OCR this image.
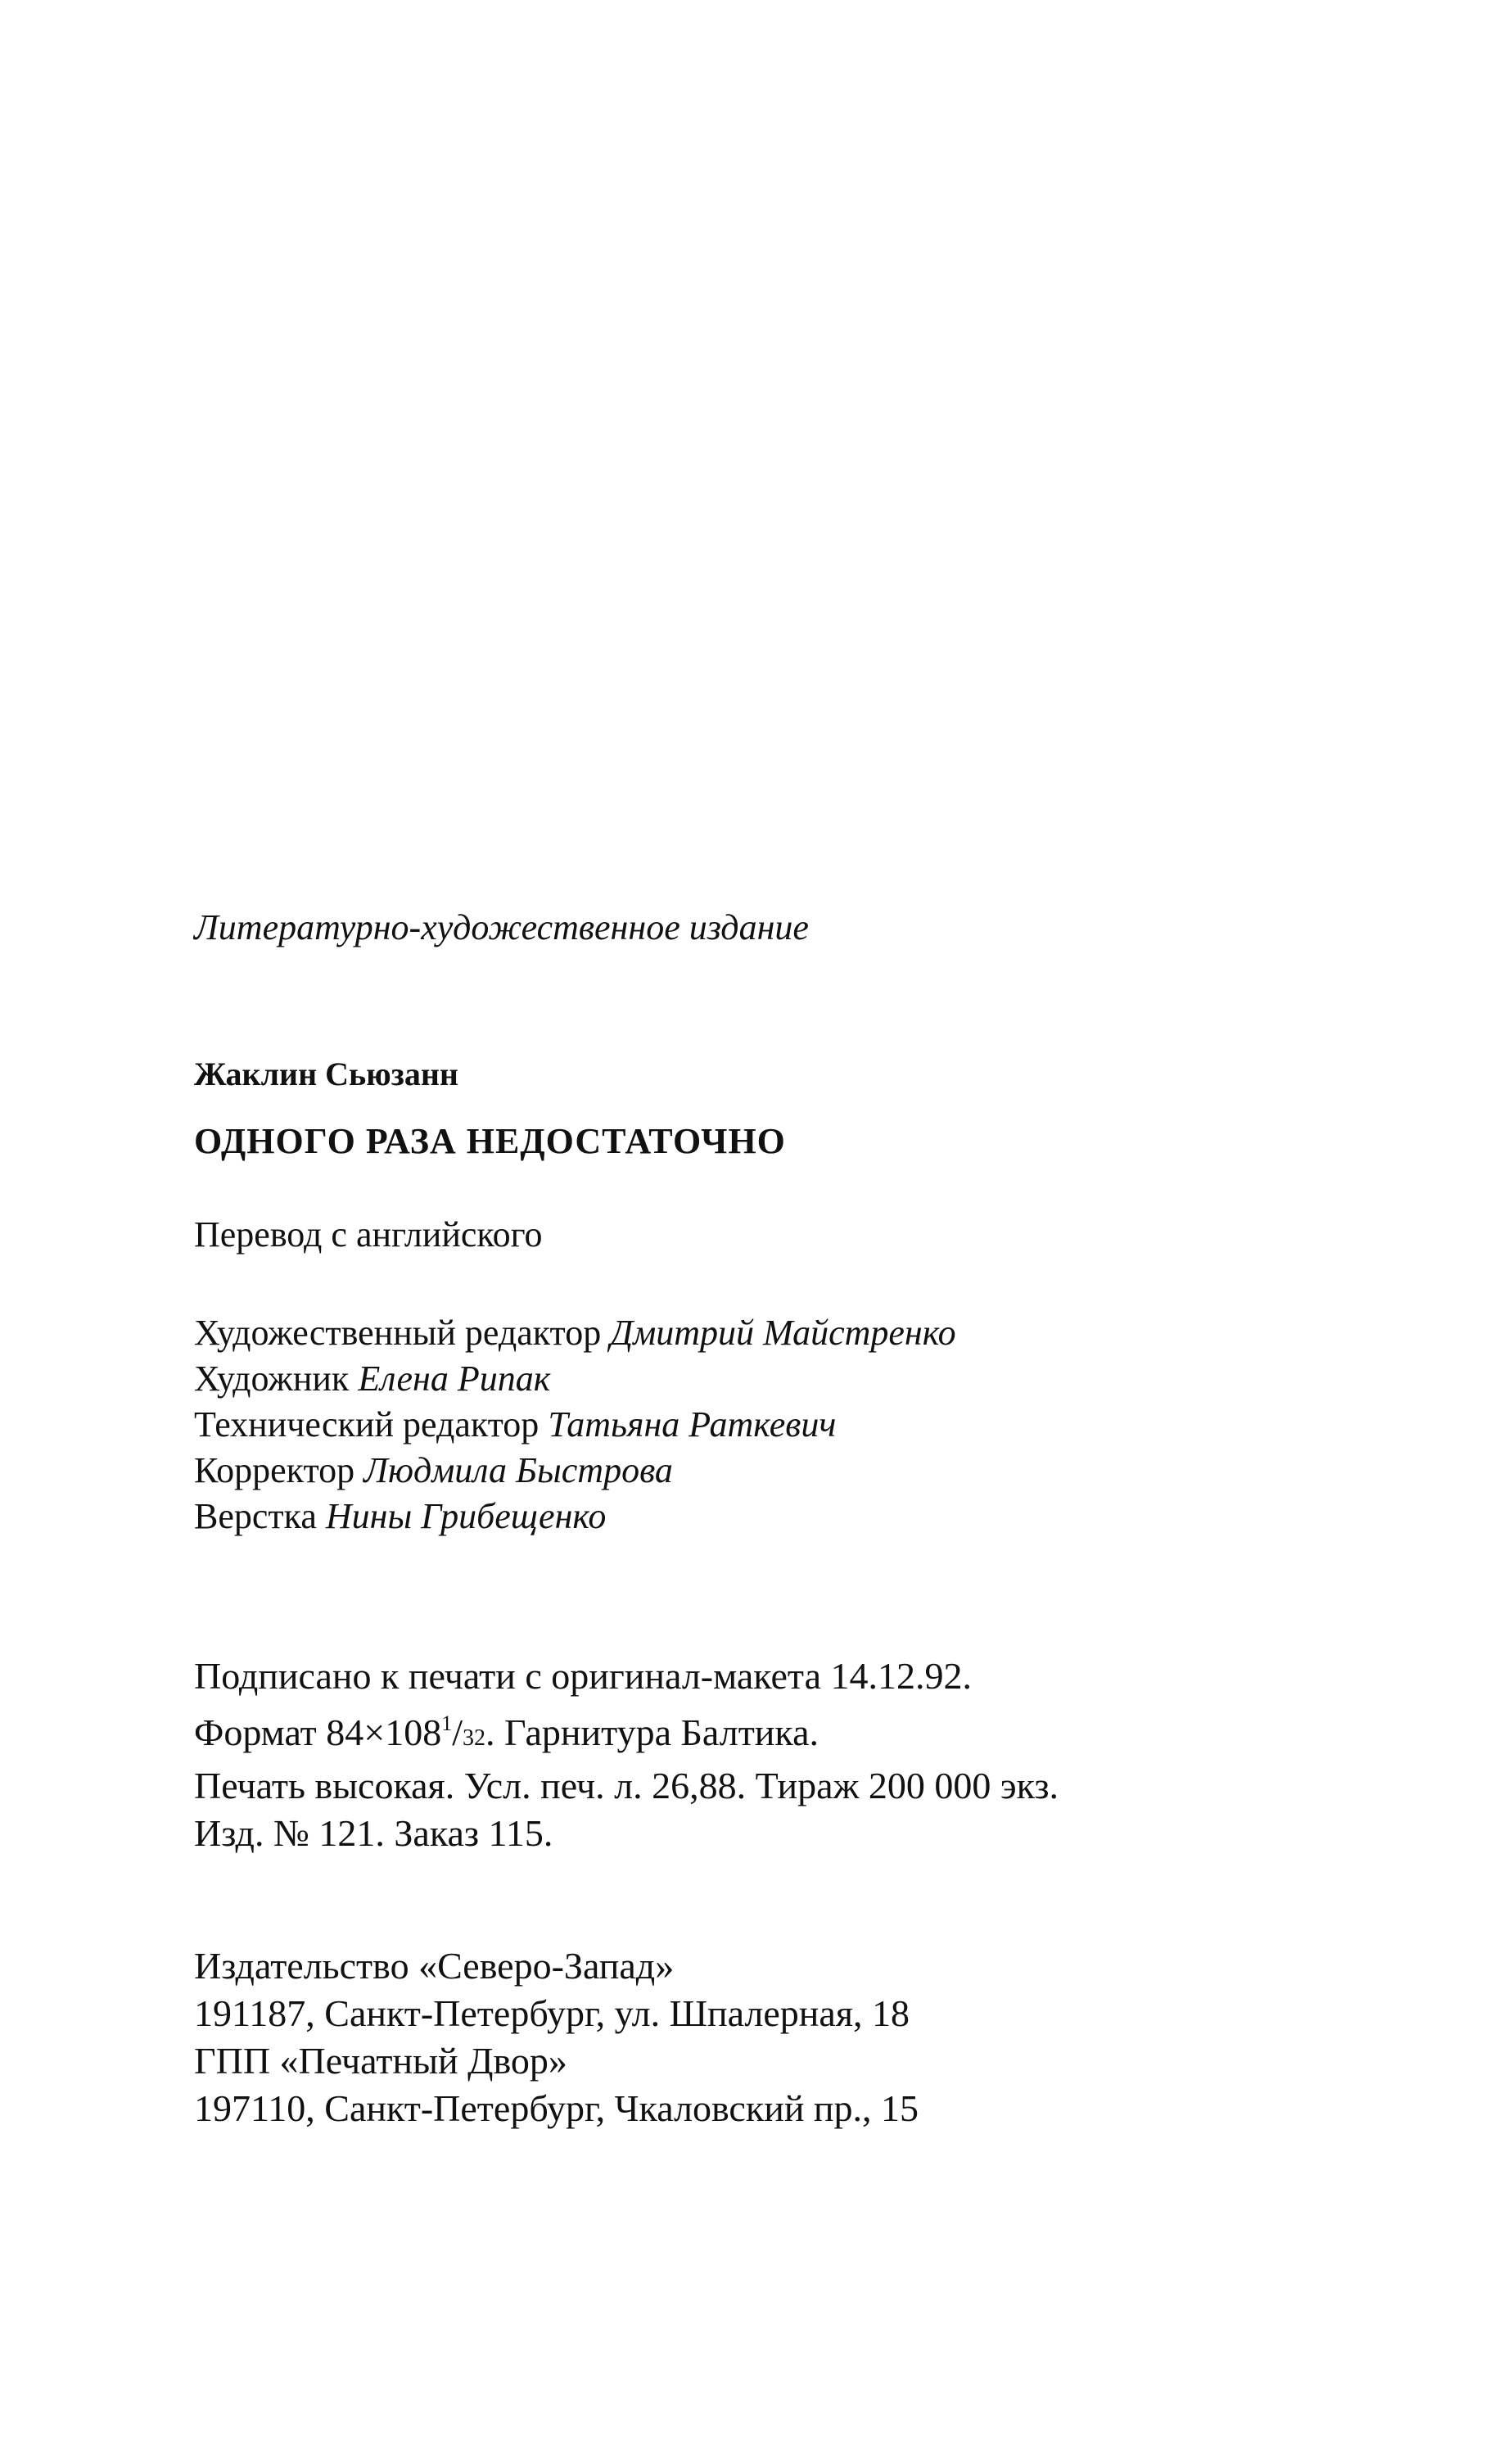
Литературно-художественное издание
Жаклин Сьюзанн
ОДНОГО РАЗА НЕДОСТАТОЧНО
Перевод с английского
Художественный редактор Дмитрий Майстренко
Художник Елена Рипак
Технический редактор Татьяна Раткевич
Корректор Людмила Быстрова
Верстка Нины Грибещенко
Подписано к печати с оригинал-макета 14.12.92.
Формат $84\times 108^1/32$. Гарнитура Балтика.
Печать высокая. Усл. печ. л. 26,88. Тираж 200 000 экз.
Изд. № 121. Заказ 115.
Издательство «Северо-Запад»
191187, Санкт-Петербург, ул. Шпалерная, 18
ГПП «Печатный Двор»
197110, Санкт-Петербург, Чкаловский пр., 15
